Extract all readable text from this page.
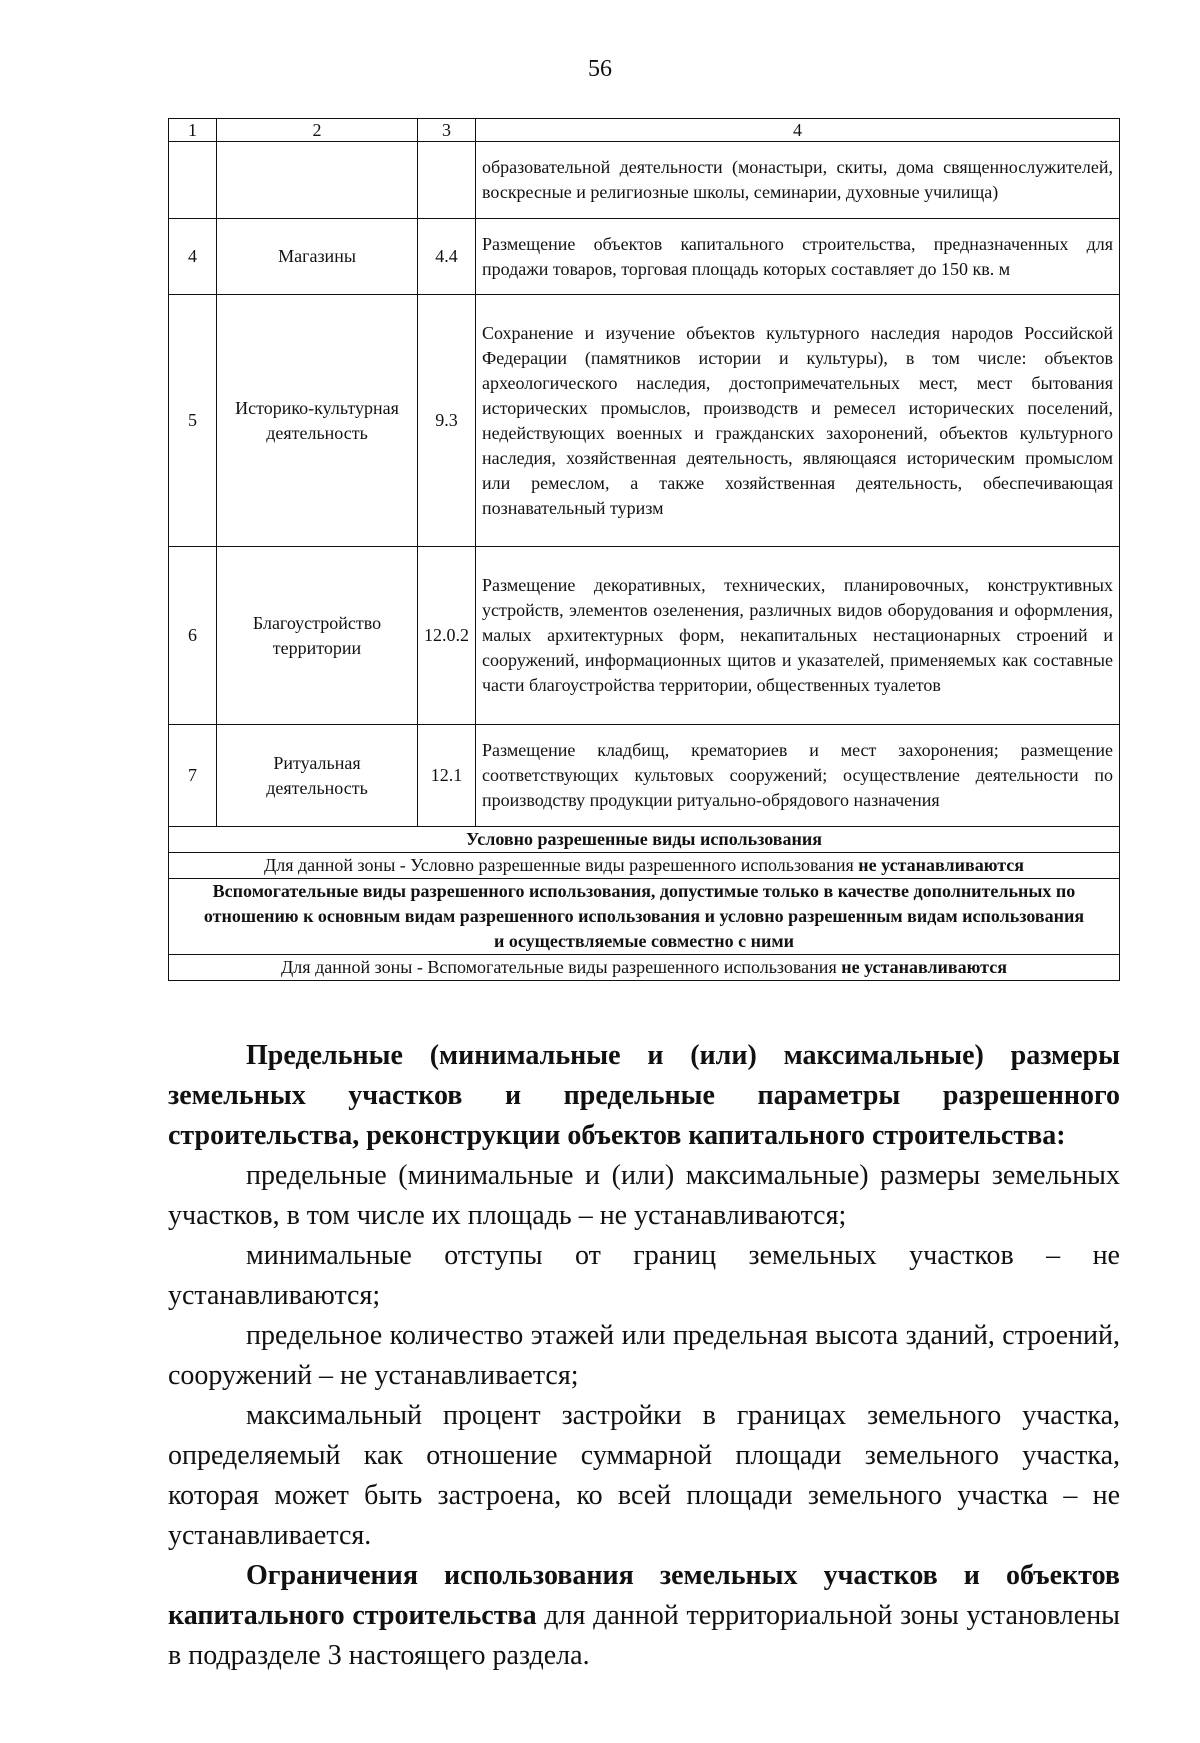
56
1	2	3	4
			образовательной деятельности (монастыри, скиты, дома священнослужителей, воскресные и религиозные школы, семинарии, духовные училища)
4	Магазины	4.4	Размещение объектов капитального строительства, предназначенных для продажи товаров, торговая площадь которых составляет до 150 кв. м
5	Историко-культурная деятельность	9.3	Сохранение и изучение объектов культурного наследия народов Российской Федерации (памятников истории и культуры), в том числе: объектов археологического наследия, достопримечательных мест, мест бытования исторических промыслов, производств и ремесел исторических поселений, недействующих военных и гражданских захоронений, объектов культурного наследия, хозяйственная деятельность, являющаяся историческим промыслом или ремеслом, а также хозяйственная деятельность, обеспечивающая познавательный туризм
6	Благоустройство территории	12.0.2	Размещение декоративных, технических, планировочных, конструктивных устройств, элементов озеленения, различных видов оборудования и оформления, малых архитектурных форм, некапитальных нестационарных строений и сооружений, информационных щитов и указателей, применяемых как составные части благоустройства территории, общественных туалетов
7	Ритуальная деятельность	12.1	Размещение кладбищ, крематориев и мест захоронения; размещение соответствующих культовых сооружений; осуществление деятельности по производству продукции ритуально-обрядового назначения
Условно разрешенные виды использования			
Для данной зоны - Условно разрешенные виды разрешенного использования не устанавливаются			
Вспомогательные виды разрешенного использования, допустимые только в качестве дополнительных по отношению к основным видам разрешенного использования и условно разрешенным видам использования и осуществляемые совместно с ними			
Для данной зоны - Вспомогательные виды разрешенного использования не устанавливаются			
Предельные (минимальные и (или) максимальные) размеры земельных участков и предельные параметры разрешенного строительства, реконструкции объектов капитального строительства:
предельные (минимальные и (или) максимальные) размеры земельных участков, в том числе их площадь – не устанавливаются;
минимальные отступы от границ земельных участков – не устанавливаются;
предельное количество этажей или предельная высота зданий, строений, сооружений – не устанавливается;
максимальный процент застройки в границах земельного участка, определяемый как отношение суммарной площади земельного участка, которая может быть застроена, ко всей площади земельного участка – не устанавливается.
Ограничения использования земельных участков и объектов капитального строительства для данной территориальной зоны установлены в подразделе 3 настоящего раздела.
